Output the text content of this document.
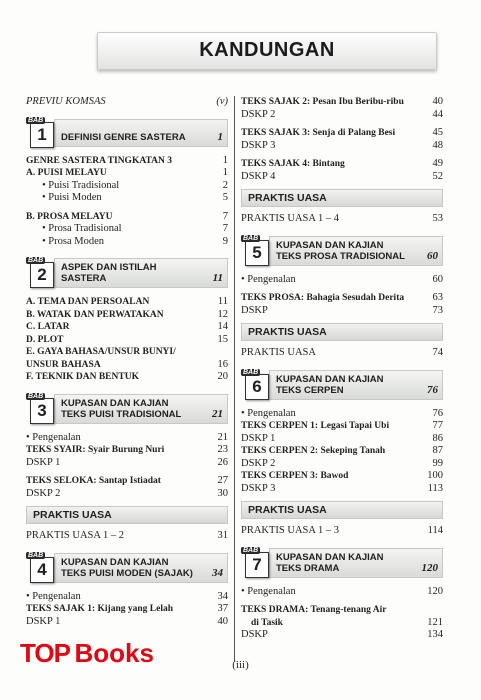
KANDUNGAN
PREVIU KOMSAS	(v)
BAB
1	DEFINISI GENRE SASTERA	1
GENRE SASTERA TINGKATAN 3	1
A. PUISI MELAYU	1
• Puisi Tradisional	2
• Puisi Moden	5
B. PROSA MELAYU	7
• Prosa Tradisional	7
• Prosa Moden	9
BAB
2	ASPEK DAN ISTILAH
SASTERA	11
A. TEMA DAN PERSOALAN	11
B. WATAK DAN PERWATAKAN	12
C. LATAR	14
D. PLOT	15
E. GAYA BAHASA/UNSUR BUNYI/
UNSUR BAHASA	16
F. TEKNIK DAN BENTUK	20
BAB
3	KUPASAN DAN KAJIAN
TEKS PUISI TRADISIONAL	21
• Pengenalan	21
TEKS SYAIR: Syair Burung Nuri	23
DSKP 1	26
TEKS SELOKA: Santap Istiadat	27
DSKP 2	30
PRAKTIS UASA
PRAKTIS UASA 1 – 2	31
BAB
4	KUPASAN DAN KAJIAN
TEKS PUISI MODEN (SAJAK)	34
• Pengenalan	34
TEKS SAJAK 1: Kijang yang Lelah	37
DSKP 1	40
TEKS SAJAK 2: Pesan Ibu Beribu-ribu	40
DSKP 2	44
TEKS SAJAK 3: Senja di Palang Besi	45
DSKP 3	48
TEKS SAJAK 4: Bintang	49
DSKP 4	52
PRAKTIS UASA
PRAKTIS UASA 1 – 4	53
BAB
5	KUPASAN DAN KAJIAN
TEKS PROSA TRADISIONAL	60
• Pengenalan	60
TEKS PROSA: Bahagia Sesudah Derita	63
DSKP	73
PRAKTIS UASA
PRAKTIS UASA	74
BAB
6	KUPASAN DAN KAJIAN
TEKS CERPEN	76
• Pengenalan	76
TEKS CERPEN 1: Legasi Tapai Ubi	77
DSKP 1	86
TEKS CERPEN 2: Sekeping Tanah	87
DSKP 2	99
TEKS CERPEN 3: Bawod	100
DSKP 3	113
PRAKTIS UASA
PRAKTIS UASA 1 – 3	114
BAB
7	KUPASAN DAN KAJIAN
TEKS DRAMA	120
• Pengenalan	120
TEKS DRAMA: Tenang-tenang Air
di Tasik	121
DSKP	134
TOP Books	(iii)
